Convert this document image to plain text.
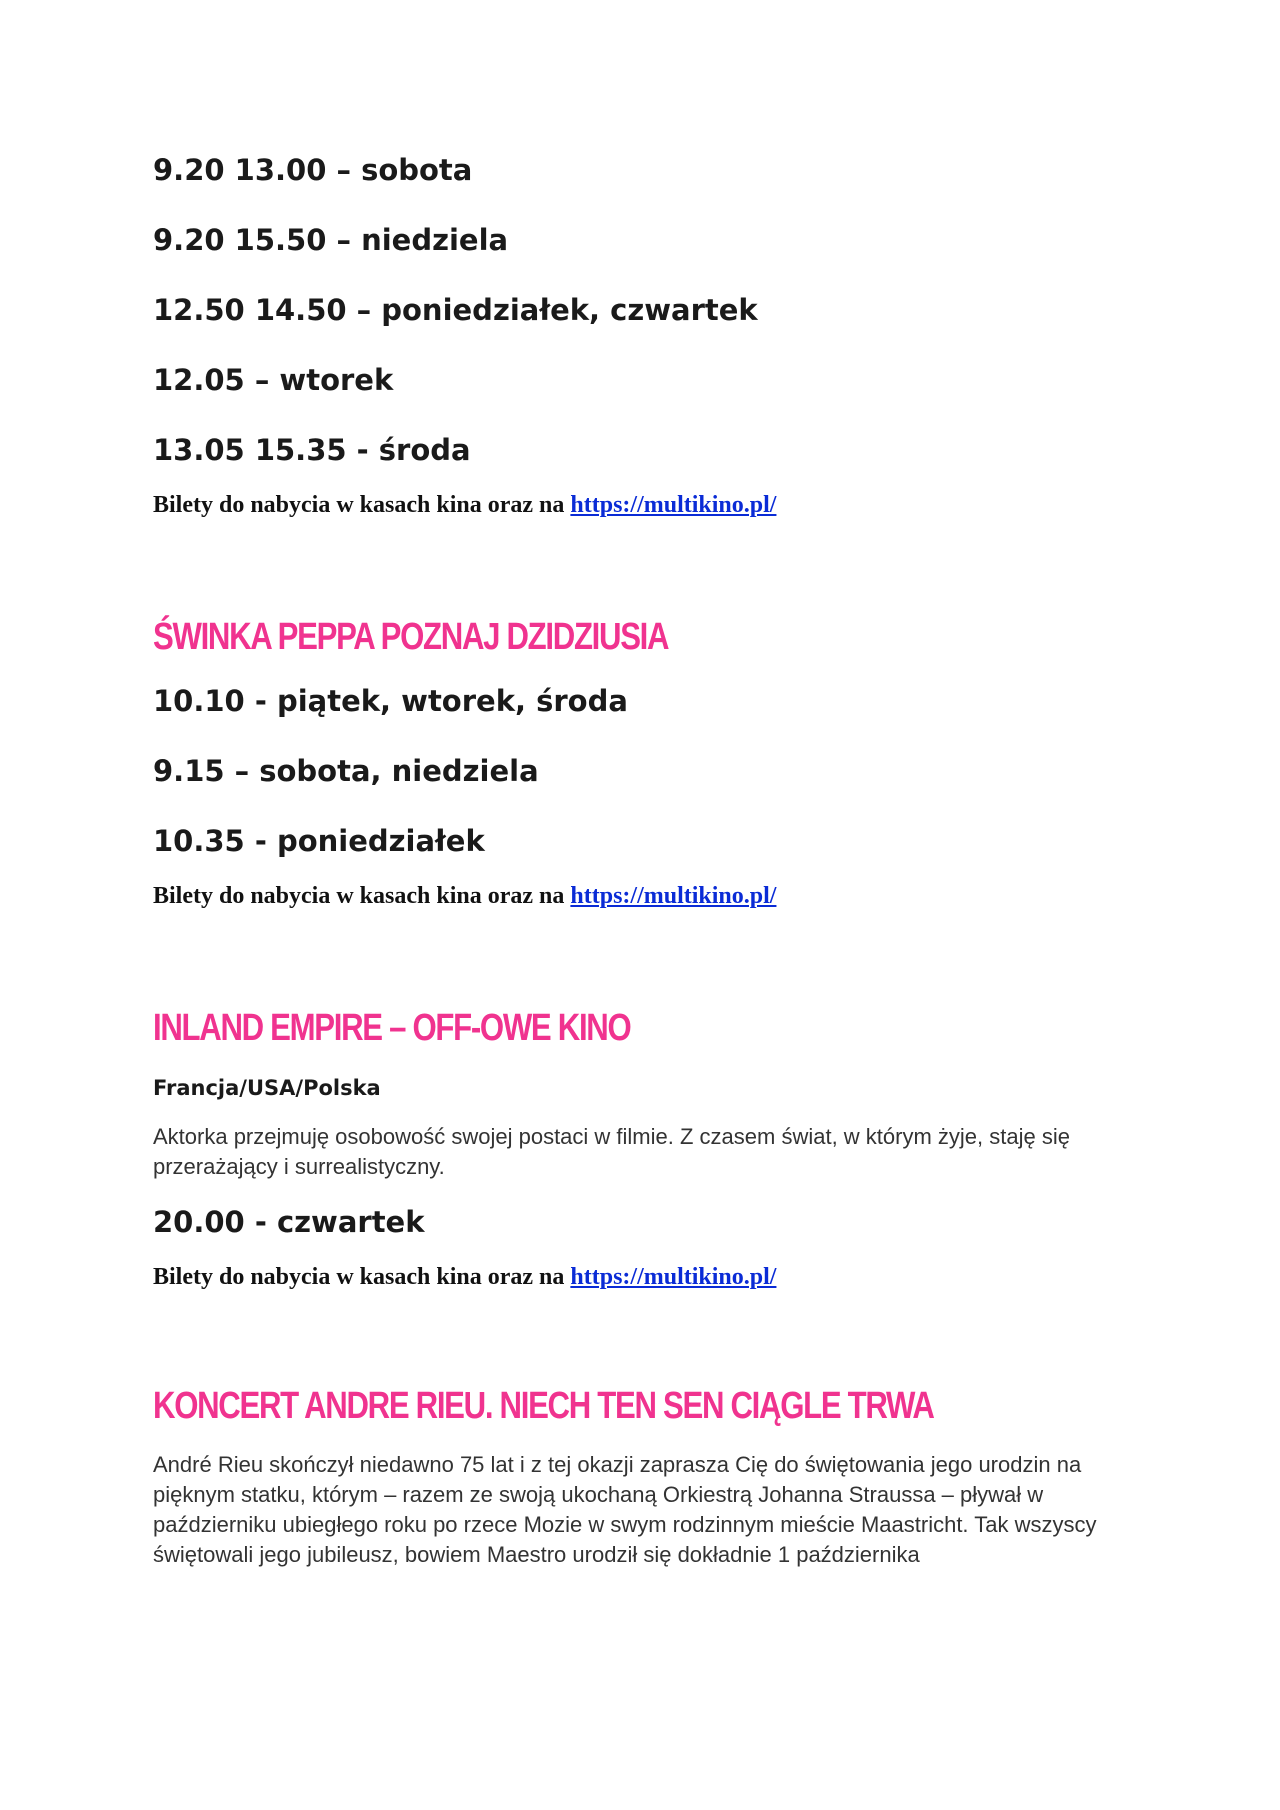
9.20 13.00 – sobota
9.20 15.50 – niedziela
12.50 14.50 – poniedziałek, czwartek
12.05 – wtorek
13.05 15.35 - środa
Bilety do nabycia w kasach kina oraz na https://multikino.pl/
ŚWINKA PEPPA POZNAJ DZIDZIUSIA
10.10 - piątek, wtorek, środa
9.15 – sobota, niedziela
10.35 - poniedziałek
Bilety do nabycia w kasach kina oraz na https://multikino.pl/
INLAND EMPIRE – OFF-OWE KINO
Francja/USA/Polska
Aktorka przejmuję osobowość swojej postaci w filmie. Z czasem świat, w którym żyje, staję się przerażający i surrealistyczny.
20.00 - czwartek
Bilety do nabycia w kasach kina oraz na https://multikino.pl/
KONCERT ANDRE RIEU. NIECH TEN SEN CIĄGLE TRWA
André Rieu skończył niedawno 75 lat i z tej okazji zaprasza Cię do świętowania jego urodzin na pięknym statku, którym – razem ze swoją ukochaną Orkiestrą Johanna Straussa – pływał w październiku ubiegłego roku po rzece Mozie w swym rodzinnym mieście Maastricht. Tak wszyscy świętowali jego jubileusz, bowiem Maestro urodził się dokładnie 1 października
